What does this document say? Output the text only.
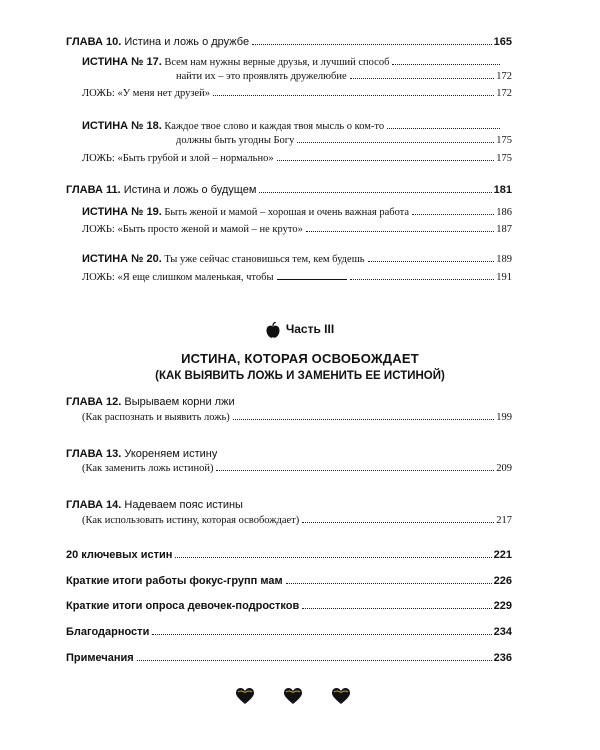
ГЛАВА 10.
Истина и ложь о дружбе	165
ИСТИНА № 17.
Всем нам нужны верные друзья, и лучший способ
найти их – это проявлять дружелюбие	172
ЛОЖЬ:
«У меня нет друзей»	172
ИСТИНА № 18.
Каждое твое слово и каждая твоя мысль о ком-то
должны быть угодны Богу	175
ЛОЖЬ:
«Быть грубой и злой – нормально»	175
ГЛАВА 11.
Истина и ложь о будущем	181
ИСТИНА № 19.
Быть женой и мамой – хорошая и очень важная работа	186
ЛОЖЬ:
«Быть просто женой и мамой – не круто»	187
ИСТИНА № 20.
Ты уже сейчас становишься тем, кем будешь	189
ЛОЖЬ:
«Я еще слишком маленькая, чтобы	191
Часть III
ИСТИНА, КОТОРАЯ ОСВОБОЖДАЕТ
(КАК ВЫЯВИТЬ ЛОЖЬ И ЗАМЕНИТЬ ЕЕ ИСТИНОЙ)
ГЛАВА 12.
Вырываем корни лжи
(Как распознать и выявить ложь)	199
ГЛАВА 13.
Укореняем истину
(Как заменить ложь истиной)	209
ГЛАВА 14.
Надеваем пояс истины
(Как использовать истину, которая освобождает)	217
20 ключевых истин	221
Краткие итоги работы фокус-групп мам	226
Краткие итоги опроса девочек-подростков	229
Благодарности	234
Примечания	236
